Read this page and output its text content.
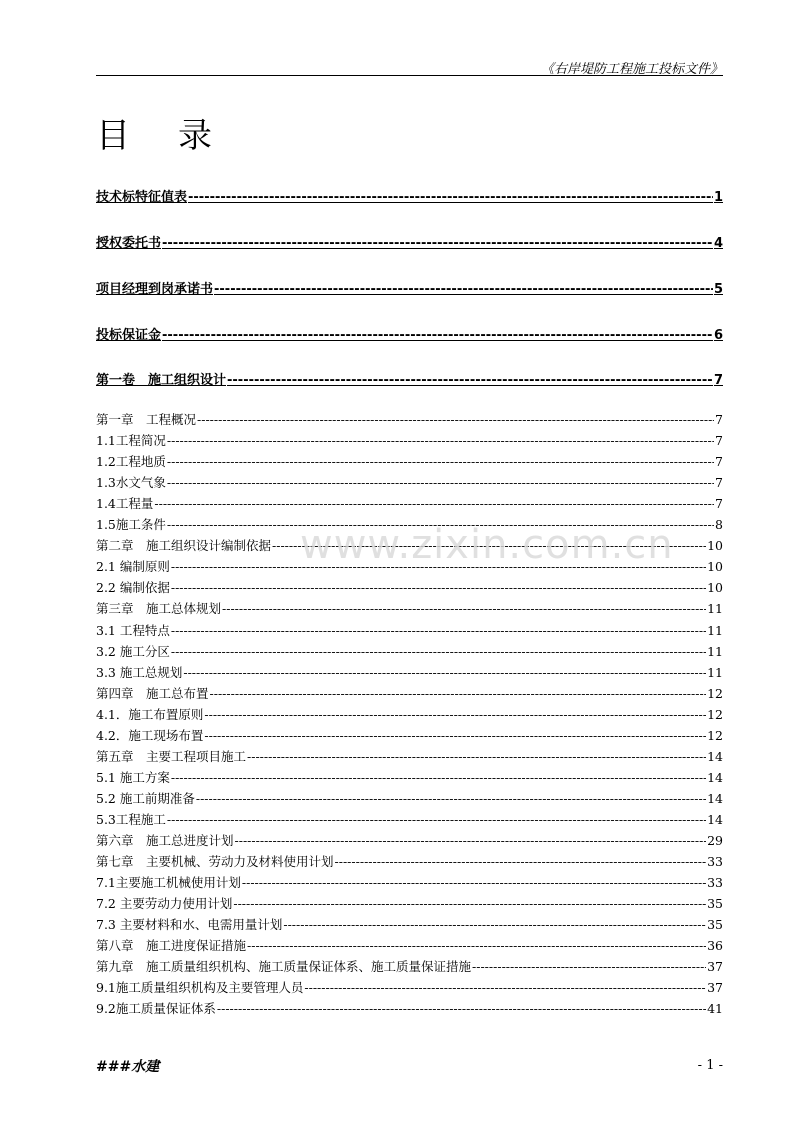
《右岸堤防工程施工投标文件》
目 录
技术标特征值表 -----	1
授权委托书 -----	4
项目经理到岗承诺书 -----	5
投标保证金 -----	6
第一卷　施工组织设计 -----	7
第一章　工程概况 -----	7
1.1工程简况 -----	7
1.2工程地质 -----	7
1.3水文气象 -----	7
1.4工程量 -----	7
1.5施工条件 -----	8
第二章　施工组织设计编制依据 -----	10
2.1 编制原则 -----	10
2.2 编制依据 -----	10
第三章　施工总体规划 -----	11
3.1 工程特点 -----	11
3.2 施工分区 -----	11
3.3 施工总规划 -----	11
第四章　施工总布置 -----	12
4.1．施工布置原则 -----	12
4.2．施工现场布置 -----	12
第五章　主要工程项目施工 -----	14
5.1 施工方案 -----	14
5.2 施工前期准备 -----	14
5.3工程施工 -----	14
第六章　施工总进度计划 -----	29
第七章　主要机械、劳动力及材料使用计划 -----	33
7.1主要施工机械使用计划 -----	33
7.2 主要劳动力使用计划 -----	35
7.3 主要材料和水、电需用量计划 -----	35
第八章　施工进度保证措施 -----	36
第九章　施工质量组织机构、施工质量保证体系、施工质量保证措施 -----	37
9.1施工质量组织机构及主要管理人员 -----	37
9.2施工质量保证体系 -----	41
www.zixin.com.cn
###水建	- 1 -
